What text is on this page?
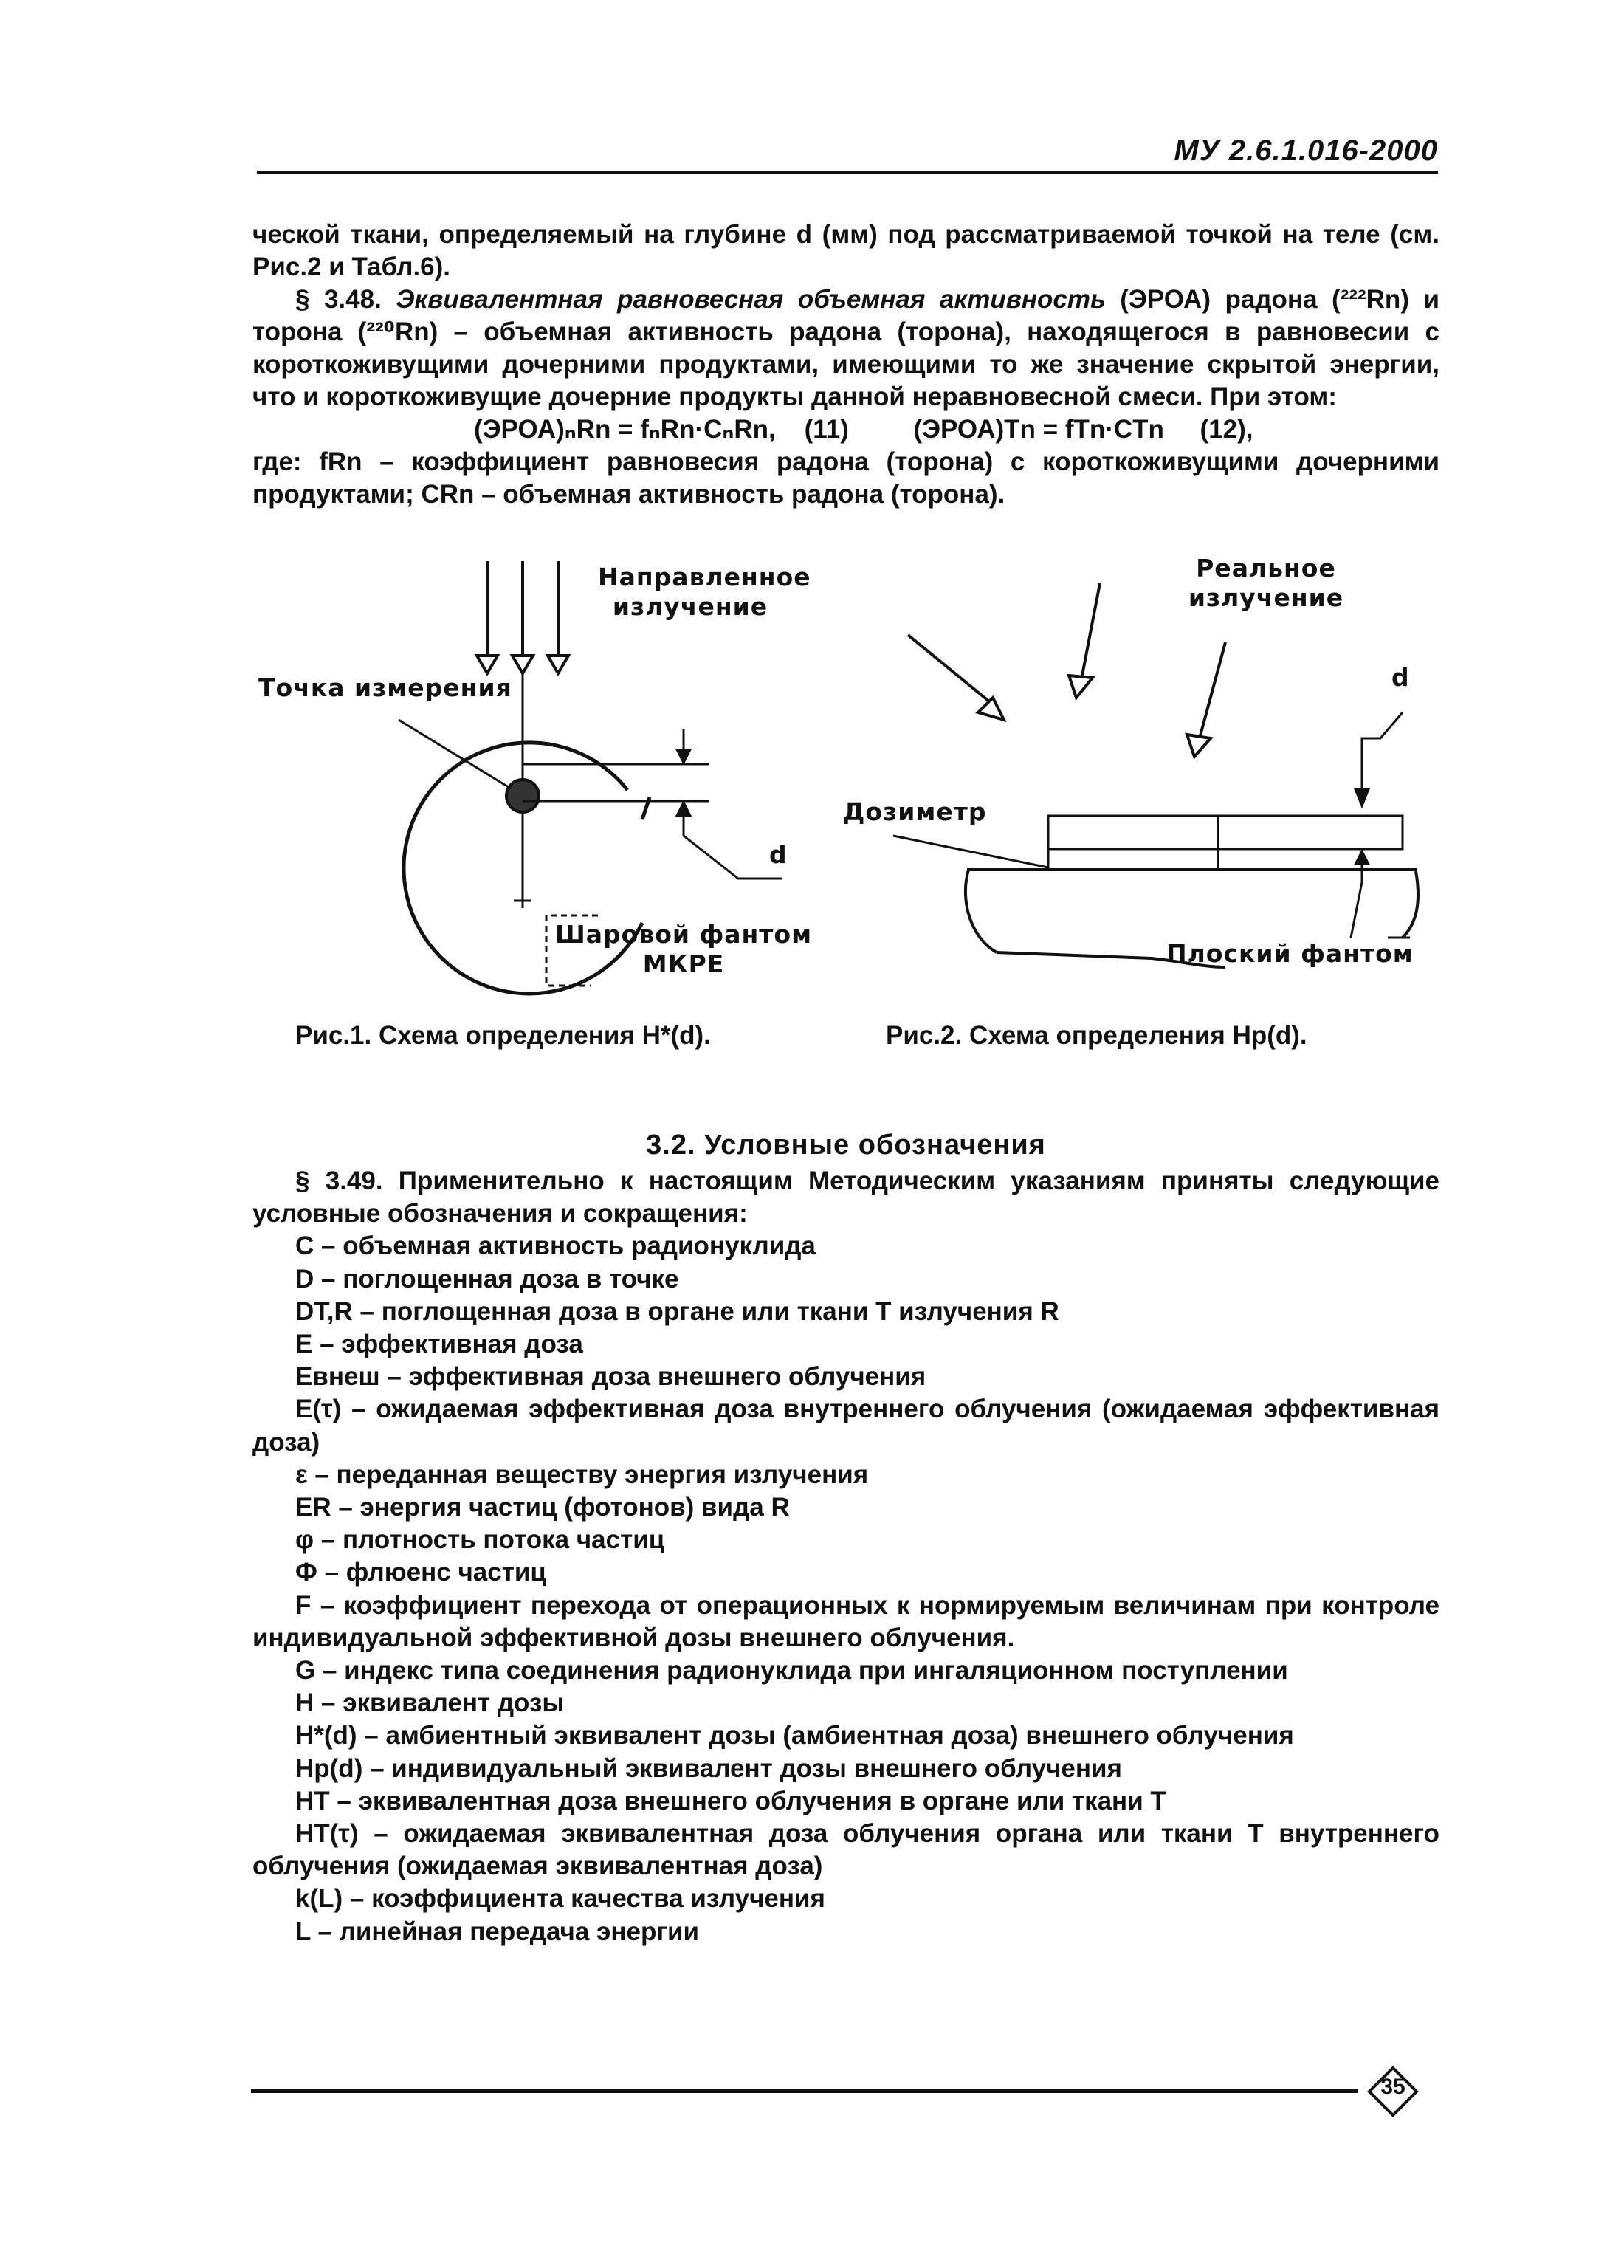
МУ 2.6.1.016-2000

ческой ткани, определяемый на глубине d (мм) под рассматриваемой точкой на теле (см. Рис.2 и Табл.6).

§ 3.48. Эквивалентная равновесная объемная активность (ЭРОА) радона (²²²Rn) и торона (²²⁰Rn) – объемная активность радона (торона), находящегося в равновесии с короткоживущими дочерними продуктами, имеющими то же значение скрытой энергии, что и короткоживущие дочерние продукты данной неравновесной смеси. При этом:

(ЭРОА)ₙRn = fₙRn·CₙRn,    (11)         (ЭРОА)Tn = fTn·CTn     (12),

где: fRn – коэффициент равновесия радона (торона) с короткоживущими дочерними продуктами; CRn – объемная активность радона (торона).

Направленное
излучение
Точка измерения
d
Шаровой фантом
МКРЕ
Реальное
излучение
d
Дозиметр
Плоский фантом
Рис.1. Схема определения H*(d).	Рис.2. Схема определения Hp(d).
3.2. Условные обозначения

§ 3.49. Применительно к настоящим Методическим указаниям приняты следующие условные обозначения и сокращения:

C – объемная активность радионуклида

D – поглощенная доза в точке

DT,R – поглощенная доза в органе или ткани T излучения R

E – эффективная доза

Eвнеш – эффективная доза внешнего облучения

E(τ) – ожидаемая эффективная доза внутреннего облучения (ожидаемая эффективная доза)

ε – переданная веществу энергия излучения

ER – энергия частиц (фотонов) вида R

φ – плотность потока частиц

Ф – флюенс частиц

F – коэффициент перехода от операционных к нормируемым величинам при контроле индивидуальной эффективной дозы внешнего облучения.

G – индекс типа соединения радионуклида при ингаляционном поступлении

H – эквивалент дозы

H*(d) – амбиентный эквивалент дозы (амбиентная доза) внешнего облучения

Hp(d) – индивидуальный эквивалент дозы внешнего облучения

HT – эквивалентная доза внешнего облучения в органе или ткани T

HT(τ) – ожидаемая эквивалентная доза облучения органа или ткани T внутреннего облучения (ожидаемая эквивалентная доза)

k(L) – коэффициента качества излучения

L – линейная передача энергии

35
